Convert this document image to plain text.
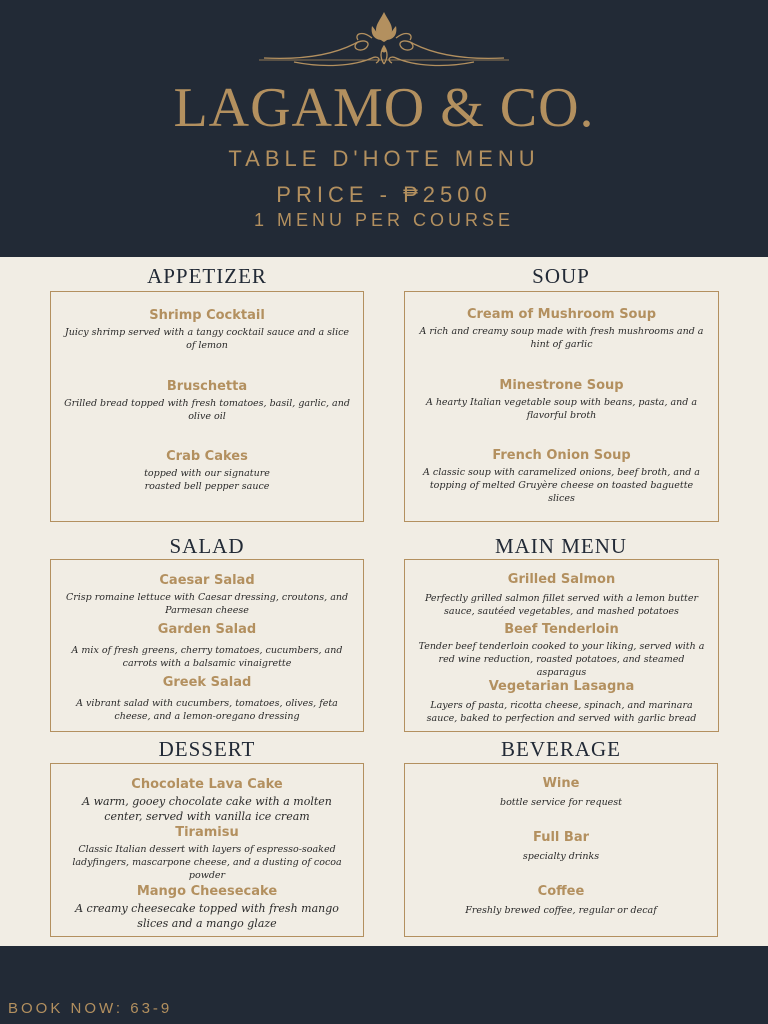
LAGAMO & CO.
TABLE D'HOTE MENU
PRICE - ₱2500
1 MENU PER COURSE
APPETIZER
Shrimp Cocktail
Juicy shrimp served with a tangy cocktail sauce and a slice of lemon
Bruschetta
Grilled bread topped with fresh tomatoes, basil, garlic, and olive oil
Crab Cakes
topped with our signature roasted bell pepper sauce
SOUP
Cream of Mushroom Soup
A rich and creamy soup made with fresh mushrooms and a hint of garlic
Minestrone Soup
A hearty Italian vegetable soup with beans, pasta, and a flavorful broth
French Onion Soup
A classic soup with caramelized onions, beef broth, and a topping of melted Gruyère cheese on toasted baguette slices
SALAD
Caesar Salad
Crisp romaine lettuce with Caesar dressing, croutons, and Parmesan cheese
Garden Salad
A mix of fresh greens, cherry tomatoes, cucumbers, and carrots with a balsamic vinaigrette
Greek Salad
A vibrant salad with cucumbers, tomatoes, olives, feta cheese, and a lemon-oregano dressing
MAIN MENU
Grilled Salmon
Perfectly grilled salmon fillet served with a lemon butter sauce, sautéed vegetables, and mashed potatoes
Beef Tenderloin
Tender beef tenderloin cooked to your liking, served with a red wine reduction, roasted potatoes, and steamed asparagus
Vegetarian Lasagna
Layers of pasta, ricotta cheese, spinach, and marinara sauce, baked to perfection and served with garlic bread
DESSERT
Chocolate Lava Cake
A warm, gooey chocolate cake with a molten center, served with vanilla ice cream
Tiramisu
Classic Italian dessert with layers of espresso-soaked ladyfingers, mascarpone cheese, and a dusting of cocoa powder
Mango Cheesecake
A creamy cheesecake topped with fresh mango slices and a mango glaze
BEVERAGE
Wine
bottle service for request
Full Bar
specialty drinks
Coffee
Freshly brewed coffee, regular or decaf
BOOK NOW: 63-9
